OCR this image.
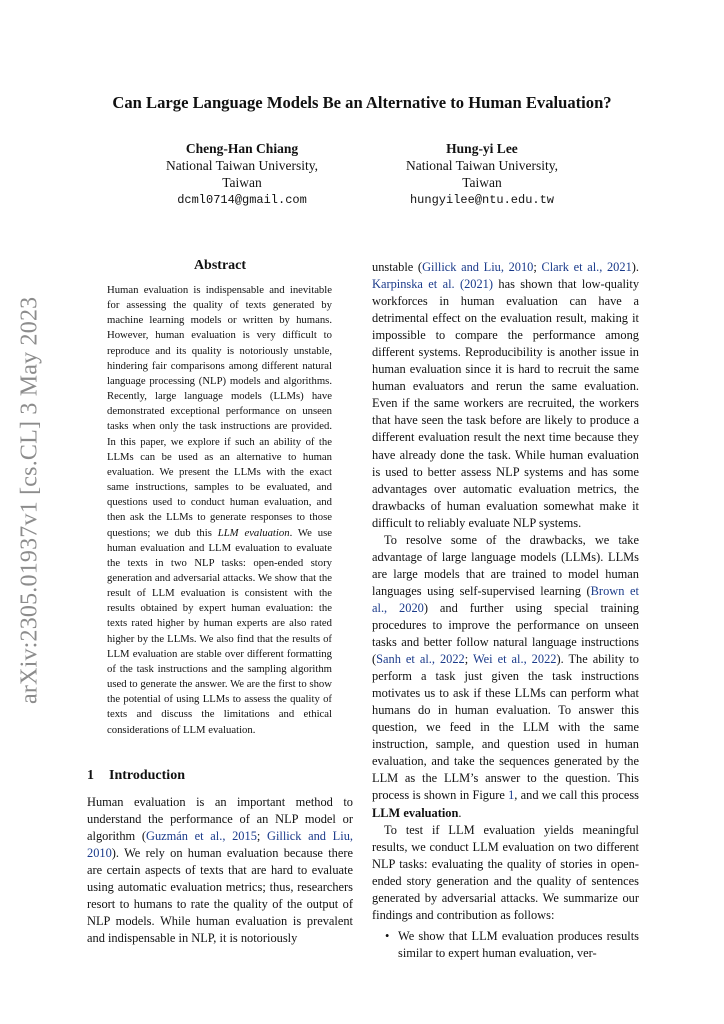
arXiv:2305.01937v1 [cs.CL] 3 May 2023
Can Large Language Models Be an Alternative to Human Evaluation?
Cheng-Han Chiang
National Taiwan University,
Taiwan
dcml0714@gmail.com
Hung-yi Lee
National Taiwan University,
Taiwan
hungyilee@ntu.edu.tw
Abstract

Human evaluation is indispensable and inevitable for assessing the quality of texts generated by machine learning models or written by humans. However, human evaluation is very difficult to reproduce and its quality is notoriously unstable, hindering fair comparisons among different natural language processing (NLP) models and algorithms. Recently, large language models (LLMs) have demonstrated exceptional performance on unseen tasks when only the task instructions are provided. In this paper, we explore if such an ability of the LLMs can be used as an alternative to human evaluation. We present the LLMs with the exact same instructions, samples to be evaluated, and questions used to conduct human evaluation, and then ask the LLMs to generate responses to those questions; we dub this LLM evaluation. We use human evaluation and LLM evaluation to evaluate the texts in two NLP tasks: open-ended story generation and adversarial attacks. We show that the result of LLM evaluation is consistent with the results obtained by expert human evaluation: the texts rated higher by human experts are also rated higher by the LLMs. We also find that the results of LLM evaluation are stable over different formatting of the task instructions and the sampling algorithm used to generate the answer. We are the first to show the potential of using LLMs to assess the quality of texts and discuss the limitations and ethical considerations of LLM evaluation.

1 Introduction

Human evaluation is an important method to understand the performance of an NLP model or algorithm (Guzmán et al., 2015; Gillick and Liu, 2010). We rely on human evaluation because there are certain aspects of texts that are hard to evaluate using automatic evaluation metrics; thus, researchers resort to humans to rate the quality of the output of NLP models. While human evaluation is prevalent and indispensable in NLP, it is notoriously

unstable (Gillick and Liu, 2010; Clark et al., 2021). Karpinska et al. (2021) has shown that low-quality workforces in human evaluation can have a detrimental effect on the evaluation result, making it impossible to compare the performance among different systems. Reproducibility is another issue in human evaluation since it is hard to recruit the same human evaluators and rerun the same evaluation. Even if the same workers are recruited, the workers that have seen the task before are likely to produce a different evaluation result the next time because they have already done the task. While human evaluation is used to better assess NLP systems and has some advantages over automatic evaluation metrics, the drawbacks of human evaluation somewhat make it difficult to reliably evaluate NLP systems.

To resolve some of the drawbacks, we take advantage of large language models (LLMs). LLMs are large models that are trained to model human languages using self-supervised learning (Brown et al., 2020) and further using special training procedures to improve the performance on unseen tasks and better follow natural language instructions (Sanh et al., 2022; Wei et al., 2022). The ability to perform a task just given the task instructions motivates us to ask if these LLMs can perform what humans do in human evaluation. To answer this question, we feed in the LLM with the same instruction, sample, and question used in human evaluation, and take the sequences generated by the LLM as the LLM’s answer to the question. This process is shown in Figure 1, and we call this process LLM evaluation.

To test if LLM evaluation yields meaningful results, we conduct LLM evaluation on two different NLP tasks: evaluating the quality of stories in open-ended story generation and the quality of sentences generated by adversarial attacks. We summarize our findings and contribution as follows:

• We show that LLM evaluation produces results similar to expert human evaluation, ver-
